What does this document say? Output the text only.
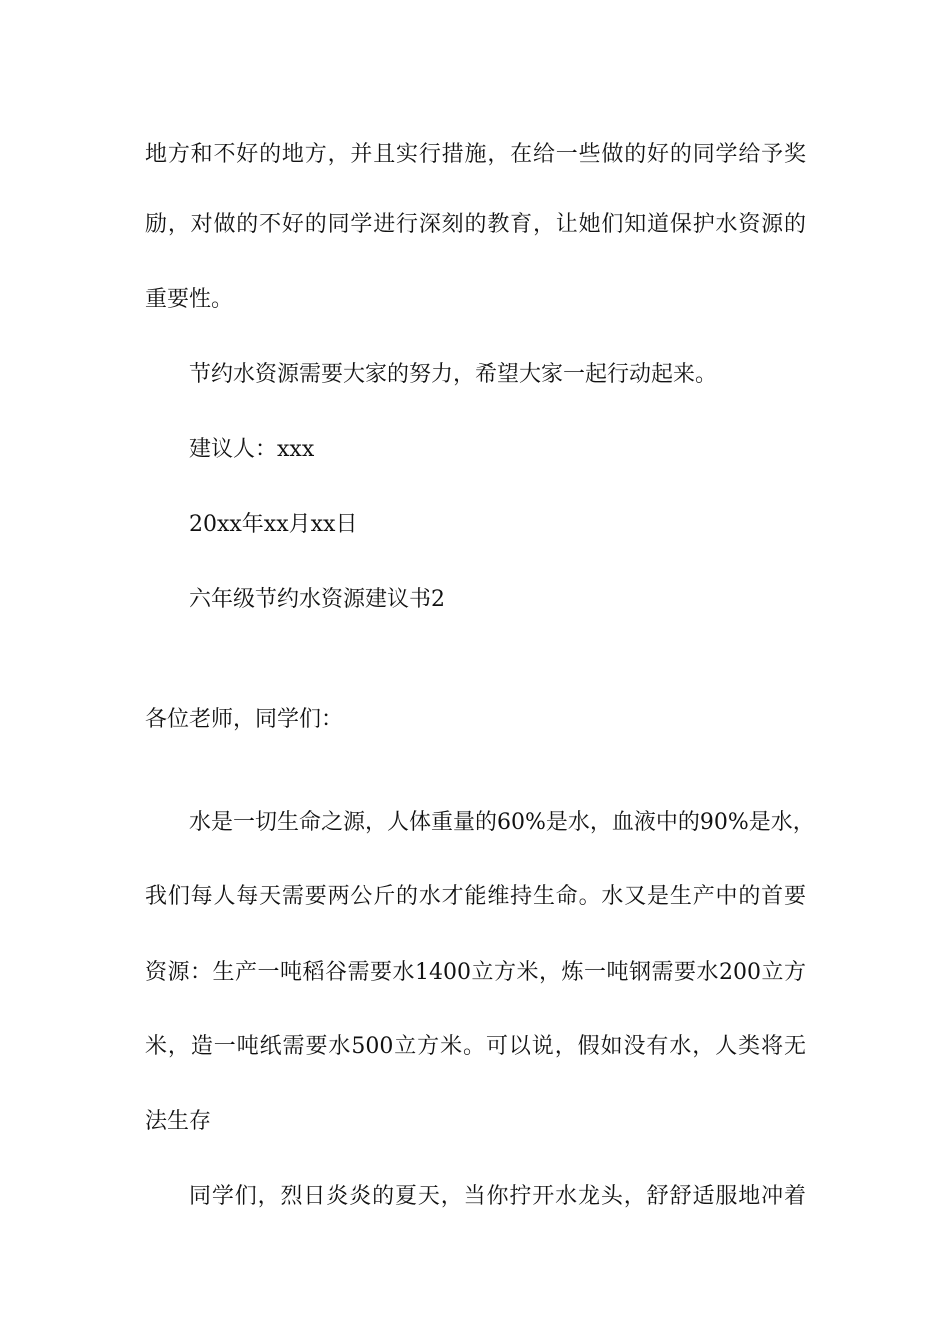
地方和不好的地方，并且实行措施，在给一些做的好的同学给予奖
励，对做的不好的同学进行深刻的教育，让她们知道保护水资源的
重要性。
节约水资源需要大家的努力，希望大家一起行动起来。
建议人：xxx
20xx年xx月xx日
六年级节约水资源建议书2
各位老师，同学们：
水是一切生命之源，人体重量的60%是水，血液中的90%是水，
我们每人每天需要两公斤的水才能维持生命。水又是生产中的首要
资源：生产一吨稻谷需要水1400立方米，炼一吨钢需要水200立方
米，造一吨纸需要水500立方米。可以说，假如没有水，人类将无
法生存
同学们，烈日炎炎的夏天，当你拧开水龙头，舒舒适服地冲着
